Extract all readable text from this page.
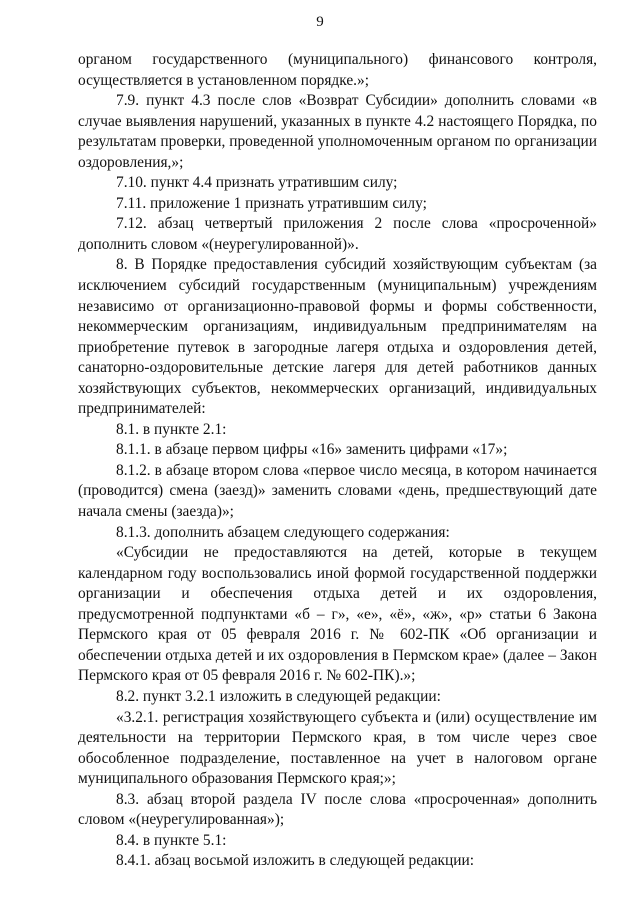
9

органом государственного (муниципального) финансового контроля, осуществляется в установленном порядке.»;

7.9. пункт 4.3 после слов «Возврат Субсидии» дополнить словами «в случае выявления нарушений, указанных в пункте 4.2 настоящего Порядка, по результатам проверки, проведенной уполномоченным органом по организации оздоровления,»;

7.10. пункт 4.4 признать утратившим силу;

7.11. приложение 1 признать утратившим силу;

7.12. абзац четвертый приложения 2 после слова «просроченной» дополнить словом «(неурегулированной)».

8. В Порядке предоставления субсидий хозяйствующим субъектам (за исключением субсидий государственным (муниципальным) учреждениям независимо от организационно-правовой формы и формы собственности, некоммерческим организациям, индивидуальным предпринимателям на приобретение путевок в загородные лагеря отдыха и оздоровления детей, санаторно-оздоровительные детские лагеря для детей работников данных хозяйствующих субъектов, некоммерческих организаций, индивидуальных предпринимателей:

8.1. в пункте 2.1:

8.1.1. в абзаце первом цифры «16» заменить цифрами «17»;

8.1.2. в абзаце втором слова «первое число месяца, в котором начинается (проводится) смена (заезд)» заменить словами «день, предшествующий дате начала смены (заезда)»;

8.1.3. дополнить абзацем следующего содержания:

«Субсидии не предоставляются на детей, которые в текущем календарном году воспользовались иной формой государственной поддержки организации и обеспечения отдыха детей и их оздоровления, предусмотренной подпунктами «б – г», «е», «ё», «ж», «р» статьи 6 Закона Пермского края от 05 февраля 2016 г. № 602-ПК «Об организации и обеспечении отдыха детей и их оздоровления в Пермском крае» (далее – Закон Пермского края от 05 февраля 2016 г. № 602-ПК).»;

8.2. пункт 3.2.1 изложить в следующей редакции:

«3.2.1. регистрация хозяйствующего субъекта и (или) осуществление им деятельности на территории Пермского края, в том числе через свое обособленное подразделение, поставленное на учет в налоговом органе муниципального образования Пермского края;»;

8.3. абзац второй раздела IV после слова «просроченная» дополнить словом «(неурегулированная»);

8.4. в пункте 5.1:

8.4.1. абзац восьмой изложить в следующей редакции:
